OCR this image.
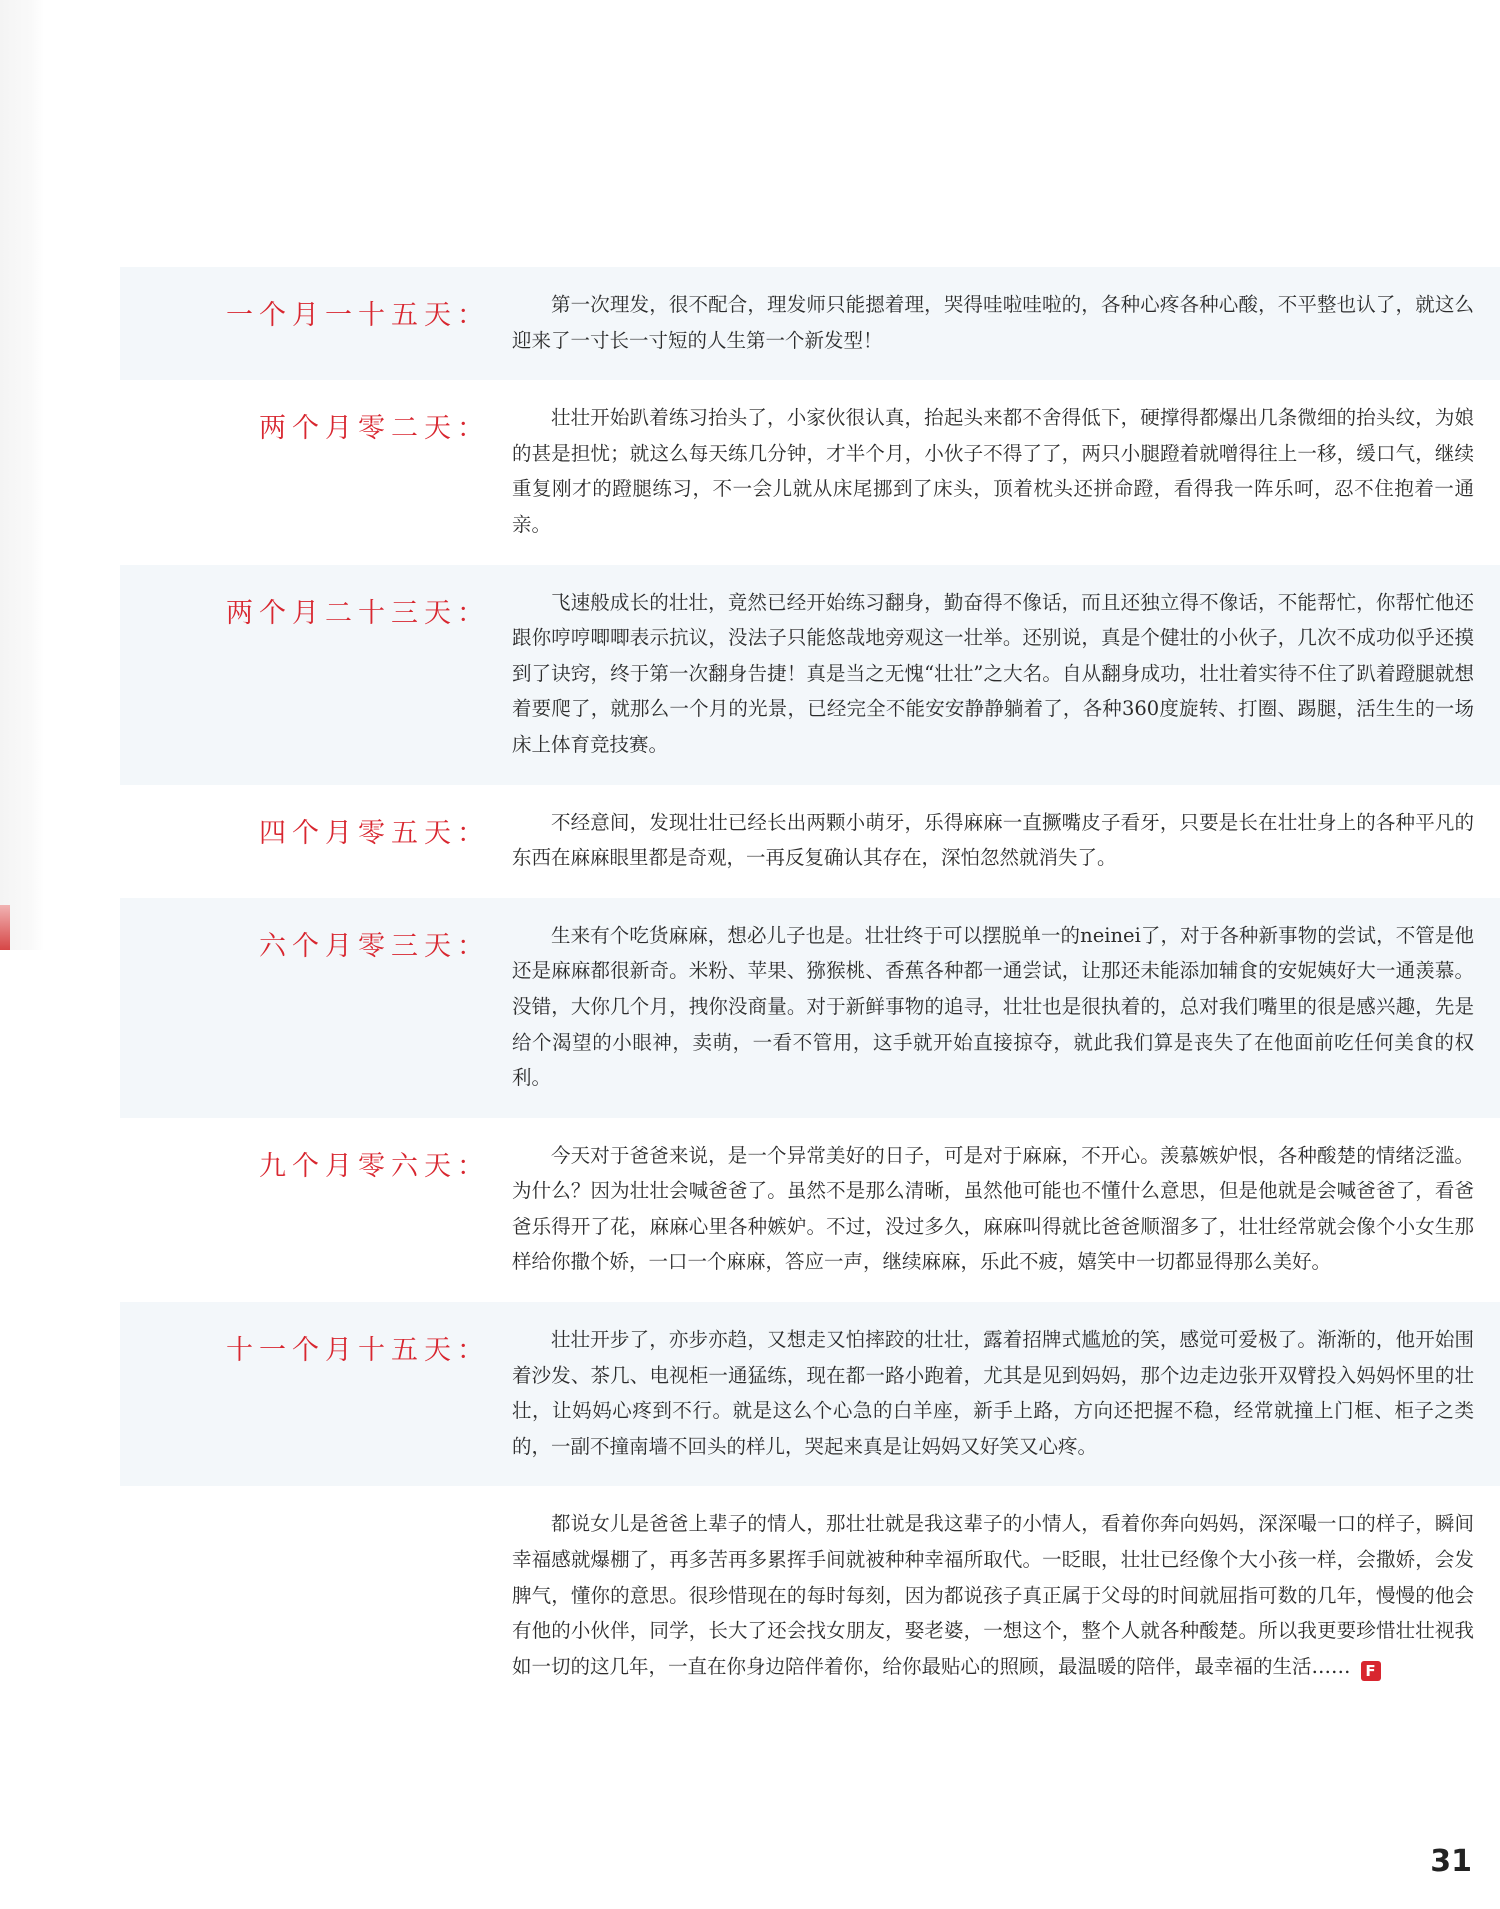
一个月一十五天：	第一次理发，很不配合，理发师只能摁着理，哭得哇啦哇啦的，各种心疼各种心酸，不平整也认了，就这么迎来了一寸长一寸短的人生第一个新发型！

两个月零二天：	壮壮开始趴着练习抬头了，小家伙很认真，抬起头来都不舍得低下，硬撑得都爆出几条微细的抬头纹，为娘的甚是担忧；就这么每天练几分钟，才半个月，小伙子不得了了，两只小腿蹬着就噌得往上一移，缓口气，继续重复刚才的蹬腿练习，不一会儿就从床尾挪到了床头，顶着枕头还拼命蹬，看得我一阵乐呵，忍不住抱着一通亲。

两个月二十三天：	飞速般成长的壮壮，竟然已经开始练习翻身，勤奋得不像话，而且还独立得不像话，不能帮忙，你帮忙他还跟你哼哼唧唧表示抗议，没法子只能悠哉地旁观这一壮举。还别说，真是个健壮的小伙子，几次不成功似乎还摸到了诀窍，终于第一次翻身告捷！真是当之无愧“壮壮”之大名。自从翻身成功，壮壮着实待不住了趴着蹬腿就想着要爬了，就那么一个月的光景，已经完全不能安安静静躺着了，各种360度旋转、打圈、踢腿，活生生的一场床上体育竞技赛。

四个月零五天：	不经意间，发现壮壮已经长出两颗小萌牙，乐得麻麻一直撅嘴皮子看牙，只要是长在壮壮身上的各种平凡的东西在麻麻眼里都是奇观，一再反复确认其存在，深怕忽然就消失了。

六个月零三天：	生来有个吃货麻麻，想必儿子也是。壮壮终于可以摆脱单一的neinei了，对于各种新事物的尝试，不管是他还是麻麻都很新奇。米粉、苹果、猕猴桃、香蕉各种都一通尝试，让那还未能添加辅食的安妮姨好大一通羡慕。没错，大你几个月，拽你没商量。对于新鲜事物的追寻，壮壮也是很执着的，总对我们嘴里的很是感兴趣，先是给个渴望的小眼神，卖萌，一看不管用，这手就开始直接掠夺，就此我们算是丧失了在他面前吃任何美食的权利。

九个月零六天：	今天对于爸爸来说，是一个异常美好的日子，可是对于麻麻，不开心。羡慕嫉妒恨，各种酸楚的情绪泛滥。为什么？因为壮壮会喊爸爸了。虽然不是那么清晰，虽然他可能也不懂什么意思，但是他就是会喊爸爸了，看爸爸乐得开了花，麻麻心里各种嫉妒。不过，没过多久，麻麻叫得就比爸爸顺溜多了，壮壮经常就会像个小女生那样给你撒个娇，一口一个麻麻，答应一声，继续麻麻，乐此不疲，嬉笑中一切都显得那么美好。

十一个月十五天：	壮壮开步了，亦步亦趋，又想走又怕摔跤的壮壮，露着招牌式尴尬的笑，感觉可爱极了。渐渐的，他开始围着沙发、茶几、电视柜一通猛练，现在都一路小跑着，尤其是见到妈妈，那个边走边张开双臂投入妈妈怀里的壮壮，让妈妈心疼到不行。就是这么个心急的白羊座，新手上路，方向还把握不稳，经常就撞上门框、柜子之类的，一副不撞南墙不回头的样儿，哭起来真是让妈妈又好笑又心疼。

都说女儿是爸爸上辈子的情人，那壮壮就是我这辈子的小情人，看着你奔向妈妈，深深嘬一口的样子，瞬间幸福感就爆棚了，再多苦再多累挥手间就被种种幸福所取代。一眨眼，壮壮已经像个大小孩一样，会撒娇，会发脾气，懂你的意思。很珍惜现在的每时每刻，因为都说孩子真正属于父母的时间就屈指可数的几年，慢慢的他会有他的小伙伴，同学，长大了还会找女朋友，娶老婆，一想这个，整个人就各种酸楚。所以我更要珍惜壮壮视我如一切的这几年，一直在你身边陪伴着你，给你最贴心的照顾，最温暖的陪伴，最幸福的生活…… F

31
